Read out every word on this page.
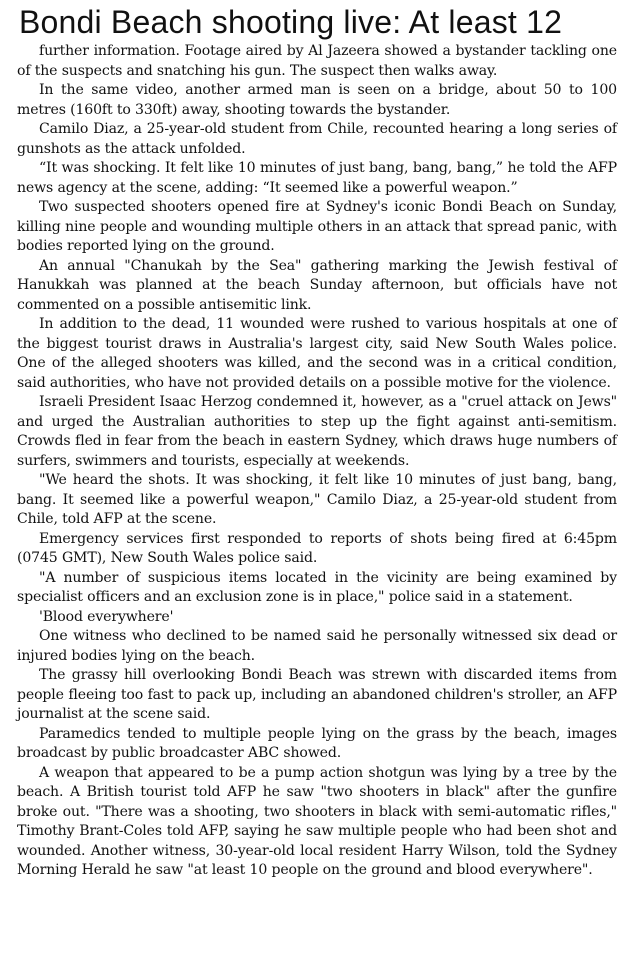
Bondi Beach shooting live: At least 12

further information. Footage aired by Al Jazeera showed a bystander tackling one of the suspects and snatching his gun. The suspect then walks away.

In the same video, another armed man is seen on a bridge, about 50 to 100 metres (160ft to 330ft) away, shooting towards the bystander.

Camilo Diaz, a 25-year-old student from Chile, recounted hearing a long series of gunshots as the attack unfolded.

“It was shocking. It felt like 10 minutes of just bang, bang, bang,” he told the AFP news agency at the scene, adding: “It seemed like a powerful weapon.”

Two suspected shooters opened fire at Sydney's iconic Bondi Beach on Sunday, killing nine people and wounding multiple others in an attack that spread panic, with bodies reported lying on the ground.

An annual "Chanukah by the Sea" gathering marking the Jewish festival of Hanukkah was planned at the beach Sunday afternoon, but officials have not commented on a possible antisemitic link.

In addition to the dead, 11 wounded were rushed to various hospitals at one of the biggest tourist draws in Australia's largest city, said New South Wales police. One of the alleged shooters was killed, and the second was in a critical condition, said authorities, who have not provided details on a possible motive for the violence.

Israeli President Isaac Herzog condemned it, however, as a "cruel attack on Jews" and urged the Australian authorities to step up the fight against anti-semitism. Crowds fled in fear from the beach in eastern Sydney, which draws huge numbers of surfers, swimmers and tourists, especially at weekends.

"We heard the shots. It was shocking, it felt like 10 minutes of just bang, bang, bang. It seemed like a powerful weapon," Camilo Diaz, a 25-year-old student from Chile, told AFP at the scene.

Emergency services first responded to reports of shots being fired at 6:45pm (0745 GMT), New South Wales police said.

"A number of suspicious items located in the vicinity are being examined by specialist officers and an exclusion zone is in place," police said in a statement.

'Blood everywhere'

One witness who declined to be named said he personally witnessed six dead or injured bodies lying on the beach.

The grassy hill overlooking Bondi Beach was strewn with discarded items from people fleeing too fast to pack up, including an abandoned children's stroller, an AFP journalist at the scene said.

Paramedics tended to multiple people lying on the grass by the beach, images broadcast by public broadcaster ABC showed.

A weapon that appeared to be a pump action shotgun was lying by a tree by the beach. A British tourist told AFP he saw "two shooters in black" after the gunfire broke out. "There was a shooting, two shooters in black with semi-automatic rifles," Timothy Brant-Coles told AFP, saying he saw multiple people who had been shot and wounded. Another witness, 30-year-old local resident Harry Wilson, told the Sydney Morning Herald he saw "at least 10 people on the ground and blood everywhere".
